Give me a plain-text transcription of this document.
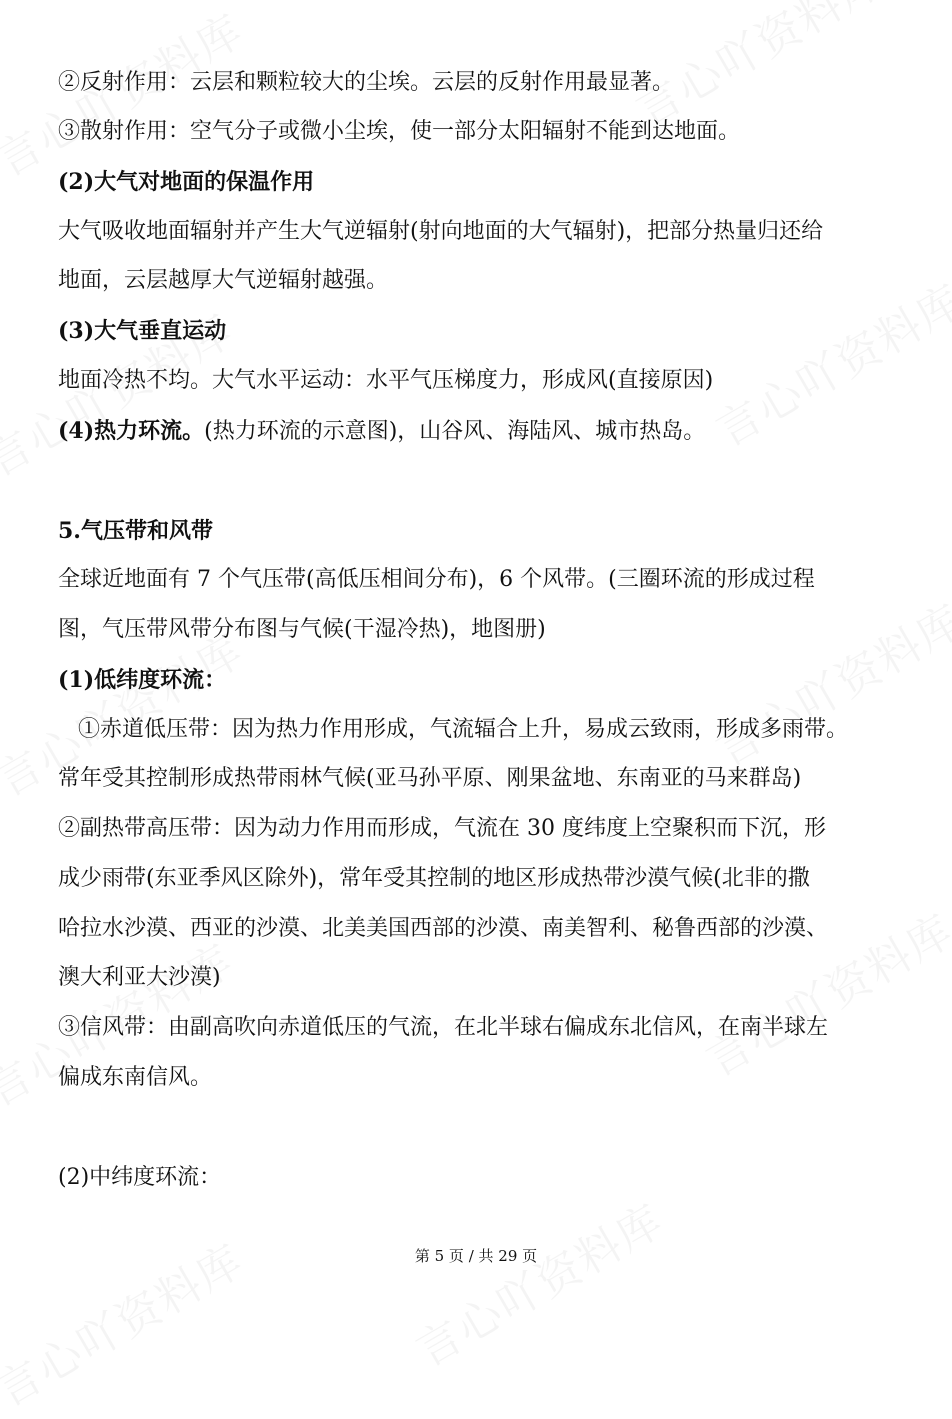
②反射作用：云层和颗粒较大的尘埃。云层的反射作用最显著。
③散射作用：空气分子或微小尘埃，使一部分太阳辐射不能到达地面。
(2)大气对地面的保温作用
大气吸收地面辐射并产生大气逆辐射(射向地面的大气辐射)，把部分热量归还给
地面，云层越厚大气逆辐射越强。
(3)大气垂直运动
地面冷热不均。大气水平运动：水平气压梯度力，形成风(直接原因)
(4)热力环流。(热力环流的示意图)，山谷风、海陆风、城市热岛。
5.气压带和风带
全球近地面有 7 个气压带(高低压相间分布)，6 个风带。(三圈环流的形成过程
图，气压带风带分布图与气候(干湿冷热)，地图册)
(1)低纬度环流：
①赤道低压带：因为热力作用形成，气流辐合上升，易成云致雨，形成多雨带。
常年受其控制形成热带雨林气候(亚马孙平原、刚果盆地、东南亚的马来群岛)
②副热带高压带：因为动力作用而形成，气流在 30 度纬度上空聚积而下沉，形
成少雨带(东亚季风区除外)，常年受其控制的地区形成热带沙漠气候(北非的撒
哈拉水沙漠、西亚的沙漠、北美美国西部的沙漠、南美智利、秘鲁西部的沙漠、
澳大利亚大沙漠)
③信风带：由副高吹向赤道低压的气流，在北半球右偏成东北信风，在南半球左
偏成东南信风。
(2)中纬度环流：
第 5 页 / 共 29 页
